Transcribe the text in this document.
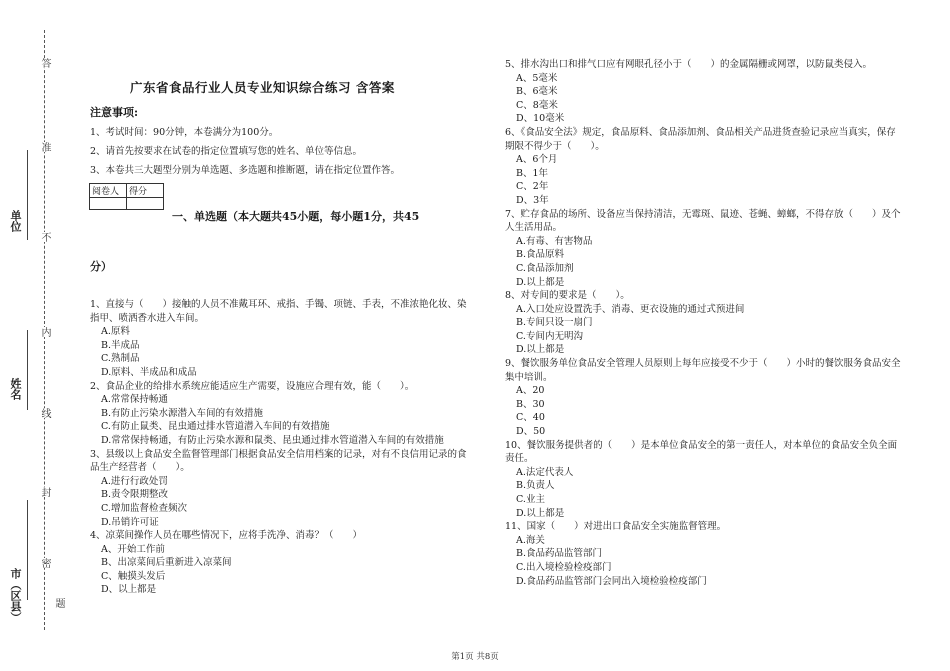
答
准
不
内
线
封
密
题
单位
姓名
市（区县）
广东省食品行业人员专业知识综合练习 含答案
注意事项:
1、考试时间：90分钟，本卷满分为100分。
2、请首先按要求在试卷的指定位置填写您的姓名、单位等信息。
3、本卷共三大题型分别为单选题、多选题和推断题，请在指定位置作答。
阅卷人	得分

一、单选题（本大题共45小题，每小题1分，共45
分）
1、直接与（　　）接触的人员不准戴耳环、戒指、手镯、项链、手表，不准浓艳化妆、染指甲、喷洒香水进入车间。
A.原料
B.半成品
C.熟制品
D.原料、半成品和成品
2、食品企业的给排水系统应能适应生产需要，设施应合理有效，能（　　）。
A.常常保持畅通
B.有防止污染水源潜入车间的有效措施
C.有防止鼠类、昆虫通过排水管道潜入车间的有效措施
D.常常保持畅通，有防止污染水源和鼠类、昆虫通过排水管道潜入车间的有效措施
3、县级以上食品安全监督管理部门根据食品安全信用档案的记录，对有不良信用记录的食品生产经营者（　　）。
A.进行行政处罚
B.责令限期整改
C.增加监督检查频次
D.吊销许可证
4、凉菜间操作人员在哪些情况下，应将手洗净、消毒？（　　）
A、开始工作前
B、出凉菜间后重新进入凉菜间
C、触摸头发后
D、以上都是
5、排水沟出口和排气口应有网眼孔径小于（　　）的金属隔栅或网罩，以防鼠类侵入。
A、5毫米
B、6毫米
C、8毫米
D、10毫米
6、《食品安全法》规定，食品原料、食品添加剂、食品相关产品进货查验记录应当真实，保存期限不得少于（　　）。
A、6个月
B、1年
C、2年
D、3年
7、贮存食品的场所、设备应当保持清洁，无霉斑、鼠迹、苍蝇、蟑螂，不得存放（　　）及个人生活用品。
A.有毒、有害物品
B.食品原料
C.食品添加剂
D.以上都是
8、对专间的要求是（　　）。
A.入口处应设置洗手、消毒、更衣设施的通过式预进间
B.专间只设一扇门
C.专间内无明沟
D.以上都是
9、餐饮服务单位食品安全管理人员原则上每年应接受不少于（　　）小时的餐饮服务食品安全集中培训。
A、20
B、30
C、40
D、50
10、餐饮服务提供者的（　　）是本单位食品安全的第一责任人，对本单位的食品安全负全面责任。
A.法定代表人
B.负责人
C.业主
D.以上都是
11、国家（　　）对进出口食品安全实施监督管理。
A.海关
B.食品药品监管部门
C.出入境检验检疫部门
D.食品药品监管部门会同出入境检验检疫部门
第1页 共8页
